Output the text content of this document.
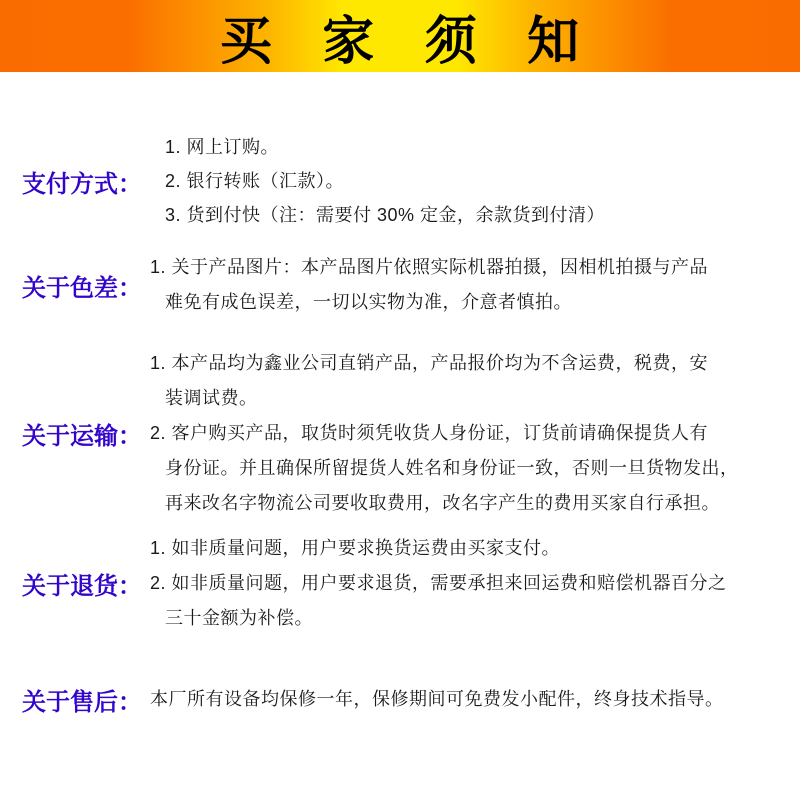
买 家 须 知
支付方式：
1. 网上订购。
2. 银行转账（汇款）。
3. 货到付快（注：需要付 30% 定金，余款货到付清）
关于色差：
1. 关于产品图片：本产品图片依照实际机器拍摄，因相机拍摄与产品
难免有成色误差，一切以实物为准，介意者慎拍。
关于运输：
1. 本产品均为鑫业公司直销产品，产品报价均为不含运费，税费，安
装调试费。
2. 客户购买产品，取货时须凭收货人身份证，订货前请确保提货人有
身份证。并且确保所留提货人姓名和身份证一致，否则一旦货物发出，
再来改名字物流公司要收取费用，改名字产生的费用买家自行承担。
关于退货：
1. 如非质量问题，用户要求换货运费由买家支付。
2. 如非质量问题，用户要求退货，需要承担来回运费和赔偿机器百分之
三十金额为补偿。
关于售后： 本厂所有设备均保修一年，保修期间可免费发小配件，终身技术指导。
